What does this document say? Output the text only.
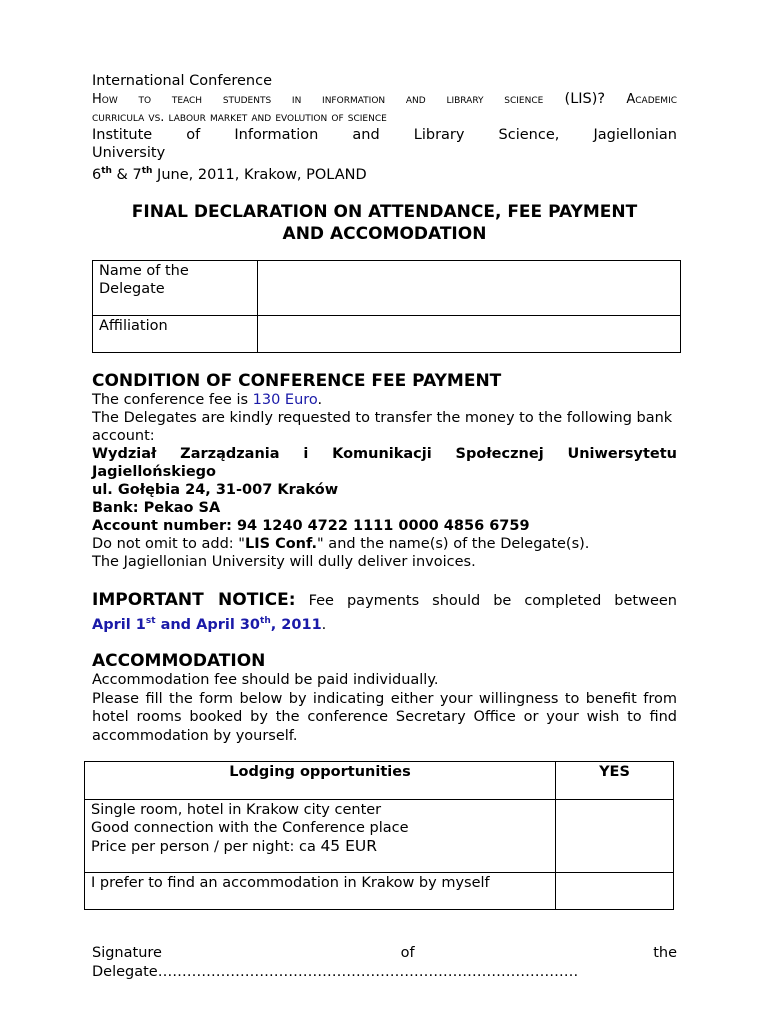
International Conference
How to teach students in information and library science (LIS)? Academic
curricula vs. labour market and evolution of science
Institute of Information and Library Science, Jagiellonian
University
6th & 7th June, 2011, Krakow, POLAND
FINAL DECLARATION ON ATTENDANCE, FEE PAYMENT
AND ACCOMODATION
Name of the Delegate	

Affiliation	
CONDITION OF CONFERENCE FEE PAYMENT
The conference fee is 130 Euro.
The Delegates are kindly requested to transfer the money to the following bank account:
Wydział Zarządzania i Komunikacji Społecznej Uniwersytetu
Jagiellońskiego
ul. Gołębia 24, 31-007 Kraków
Bank: Pekao SA
Account number: 94 1240 4722 1111 0000 4856 6759
Do not omit to add: "LIS Conf." and the name(s) of the Delegate(s).
The Jagiellonian University will dully deliver invoices.
IMPORTANT NOTICE: Fee payments should be completed between
April 1st and April 30th, 2011.
ACCOMMODATION
Accommodation fee should be paid individually.
Please fill the form below by indicating either your willingness to benefit from hotel rooms booked by the conference Secretary Office or your wish to find accommodation by yourself.
Lodging opportunities	YES

Single room, hotel in Krakow city center
Good connection with the Conference place
Price per person / per night: ca 45 EUR	

I prefer to find an accommodation in Krakow by myself	
Signature	of	the
Delegate……………………………………………………………………………
